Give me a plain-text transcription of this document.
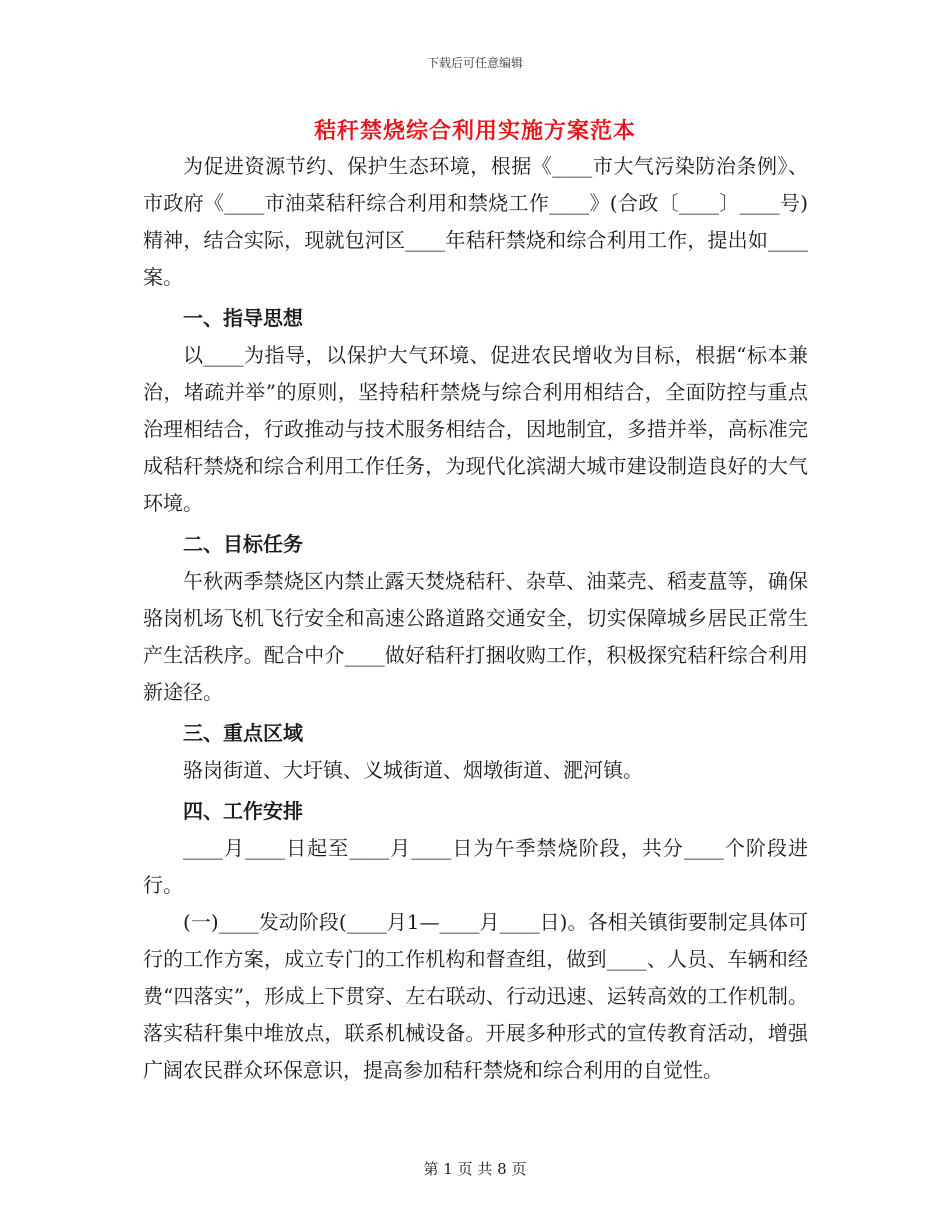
下载后可任意编辑
秸秆禁烧综合利用实施方案范本

为促进资源节约、保护生态环境，根据《____市大气污染防治条例》、市政府《____市油菜秸秆综合利用和禁烧工作____》(合政〔____〕____号)精神，结合实际，现就包河区____年秸秆禁烧和综合利用工作，提出如____案。

一、指导思想

以____为指导，以保护大气环境、促进农民增收为目标，根据“标本兼治，堵疏并举”的原则，坚持秸秆禁烧与综合利用相结合，全面防控与重点治理相结合，行政推动与技术服务相结合，因地制宜，多措并举，高标准完成秸秆禁烧和综合利用工作任务，为现代化滨湖大城市建设制造良好的大气环境。

二、目标任务

午秋两季禁烧区内禁止露天焚烧秸秆、杂草、油菜壳、稻麦蒀等，确保骆岗机场飞机飞行安全和高速公路道路交通安全，切实保障城乡居民正常生产生活秩序。配合中介____做好秸秆打捆收购工作，积极探究秸秆综合利用新途径。

三、重点区域

骆岗街道、大圩镇、义城街道、烟墩街道、淝河镇。

四、工作安排

____月____日起至____月____日为午季禁烧阶段，共分____个阶段进行。

(一)____发动阶段(____月1—____月____日)。各相关镇街要制定具体可行的工作方案，成立专门的工作机构和督查组，做到____、人员、车辆和经费“四落实”，形成上下贯穿、左右联动、行动迅速、运转高效的工作机制。落实秸秆集中堆放点，联系机械设备。开展多种形式的宣传教育活动，增强广阔农民群众环保意识，提高参加秸秆禁烧和综合利用的自觉性。

第 1 页 共 8 页
